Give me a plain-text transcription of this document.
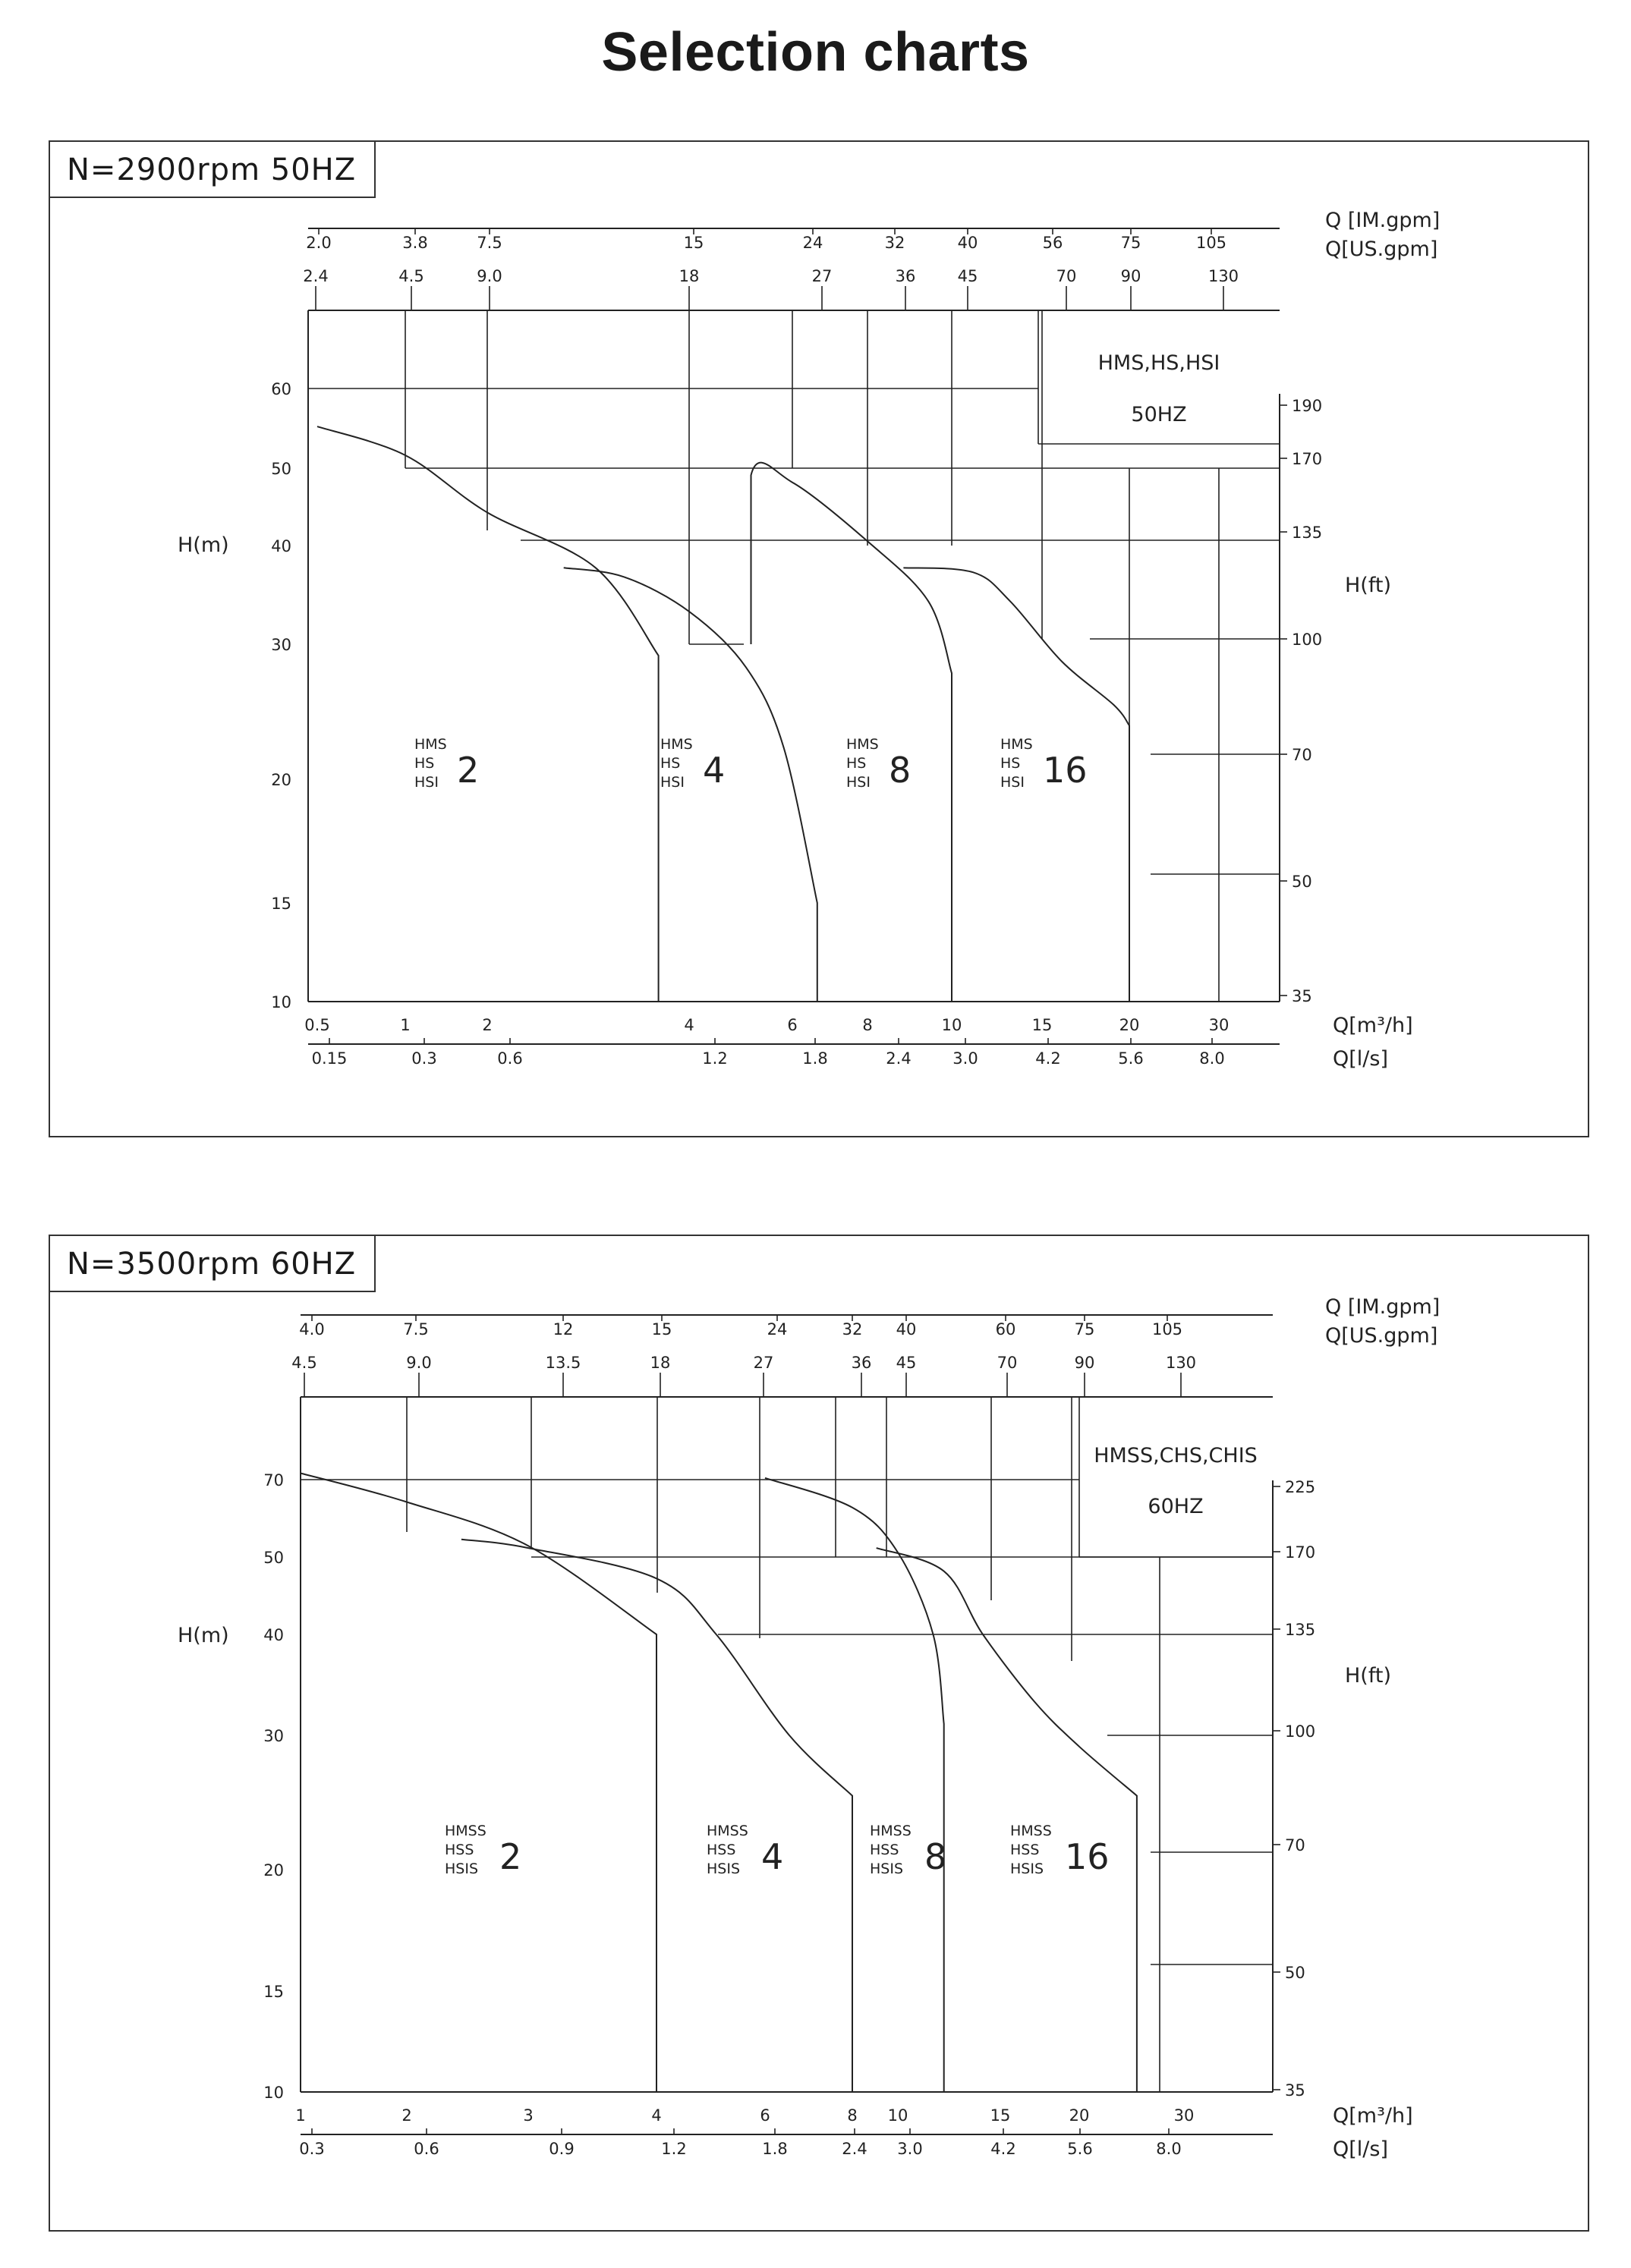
Selection charts
N=2900rpm 50HZ
HMS,HS,HSI
50HZ
2.0	3.8	7.5	15	24	32	40	56	75	105
2.4	4.5	9.0	18	27	36	45	70	90	130
Q [IM.gpm]
Q[US.gpm]
0.5	1	2	4	6	8	10	15	20	30	Q[m³/h]
0.15	0.3	0.6	1.2	1.8	2.4	3.0	4.2	5.6	8.0	Q[l/s]
10
15
20
30
40
50
60
H(m)
35
50
70
100
135
170
190
H(ft)
HMS
HS
HSI 2
HMS
HS
HSI 4
HMS
HS
HSI 8
HMS
HS
HSI 16
N=3500rpm 60HZ
HMSS,CHS,CHIS
60HZ
4.0	7.5	12	15	24	32 40	60	75	105
4.5	9.0	13.5	18	27	36 45	70	90	130
Q [IM.gpm]
Q[US.gpm]
1	2	3	4	6	8 10	15	20	30	Q[m³/h]
0.3	0.6	0.9	1.2	1.8	2.4 3.0	4.2	5.6	8.0	Q[l/s]
10
15
20
30
40
50
70
H(m)
35
50
70
100
135
170
225
H(ft)
HMSS
HSS
HSIS 2
HMSS
HSS
HSIS 4
HMSS
HSS
HSIS 8
HMSS
HSS
HSIS 16
